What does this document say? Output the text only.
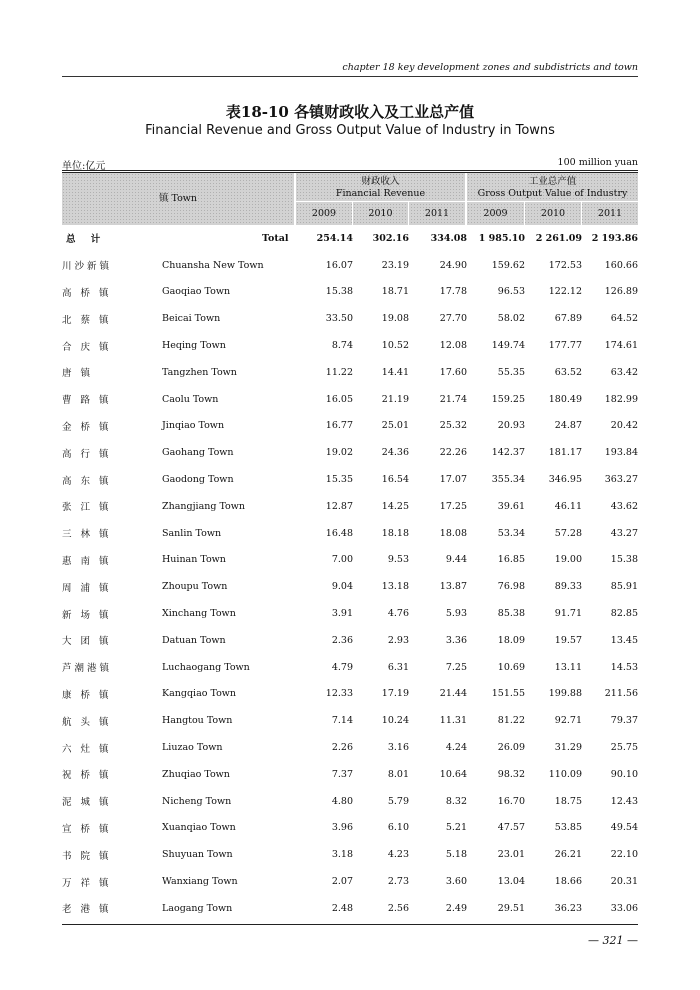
chapter 18 key development zones and subdistricts and town
表18-10 各镇财政收入及工业总产值
Financial Revenue and Gross Output Value of Industry in Towns
单位:亿元	100 million yuan
镇 Town
财政收入
Financial Revenue
工业总产值
Gross Output Value of Industry
2009	2010	2011	2009	2010	2011
总 计	Total	254.14	302.16	334.08	1 985.10	2 261.09	2 193.86
川沙新镇	Chuansha New Town	16.07	23.19	24.90	159.62	172.53	160.66
高 桥 镇	Gaoqiao Town	15.38	18.71	17.78	96.53	122.12	126.89
北 蔡 镇	Beicai Town	33.50	19.08	27.70	58.02	67.89	64.52
合 庆 镇	Heqing Town	8.74	10.52	12.08	149.74	177.77	174.61
唐 镇	Tangzhen Town	11.22	14.41	17.60	55.35	63.52	63.42
曹 路 镇	Caolu Town	16.05	21.19	21.74	159.25	180.49	182.99
金 桥 镇	Jinqiao Town	16.77	25.01	25.32	20.93	24.87	20.42
高 行 镇	Gaohang Town	19.02	24.36	22.26	142.37	181.17	193.84
高 东 镇	Gaodong Town	15.35	16.54	17.07	355.34	346.95	363.27
张 江 镇	Zhangjiang Town	12.87	14.25	17.25	39.61	46.11	43.62
三 林 镇	Sanlin Town	16.48	18.18	18.08	53.34	57.28	43.27
惠 南 镇	Huinan Town	7.00	9.53	9.44	16.85	19.00	15.38
周 浦 镇	Zhoupu Town	9.04	13.18	13.87	76.98	89.33	85.91
新 场 镇	Xinchang Town	3.91	4.76	5.93	85.38	91.71	82.85
大 团 镇	Datuan Town	2.36	2.93	3.36	18.09	19.57	13.45
芦潮港镇	Luchaogang Town	4.79	6.31	7.25	10.69	13.11	14.53
康 桥 镇	Kangqiao Town	12.33	17.19	21.44	151.55	199.88	211.56
航 头 镇	Hangtou Town	7.14	10.24	11.31	81.22	92.71	79.37
六 灶 镇	Liuzao Town	2.26	3.16	4.24	26.09	31.29	25.75
祝 桥 镇	Zhuqiao Town	7.37	8.01	10.64	98.32	110.09	90.10
泥 城 镇	Nicheng Town	4.80	5.79	8.32	16.70	18.75	12.43
宣 桥 镇	Xuanqiao Town	3.96	6.10	5.21	47.57	53.85	49.54
书 院 镇	Shuyuan Town	3.18	4.23	5.18	23.01	26.21	22.10
万 祥 镇	Wanxiang Town	2.07	2.73	3.60	13.04	18.66	20.31
老 港 镇	Laogang Town	2.48	2.56	2.49	29.51	36.23	33.06
— 321 —
